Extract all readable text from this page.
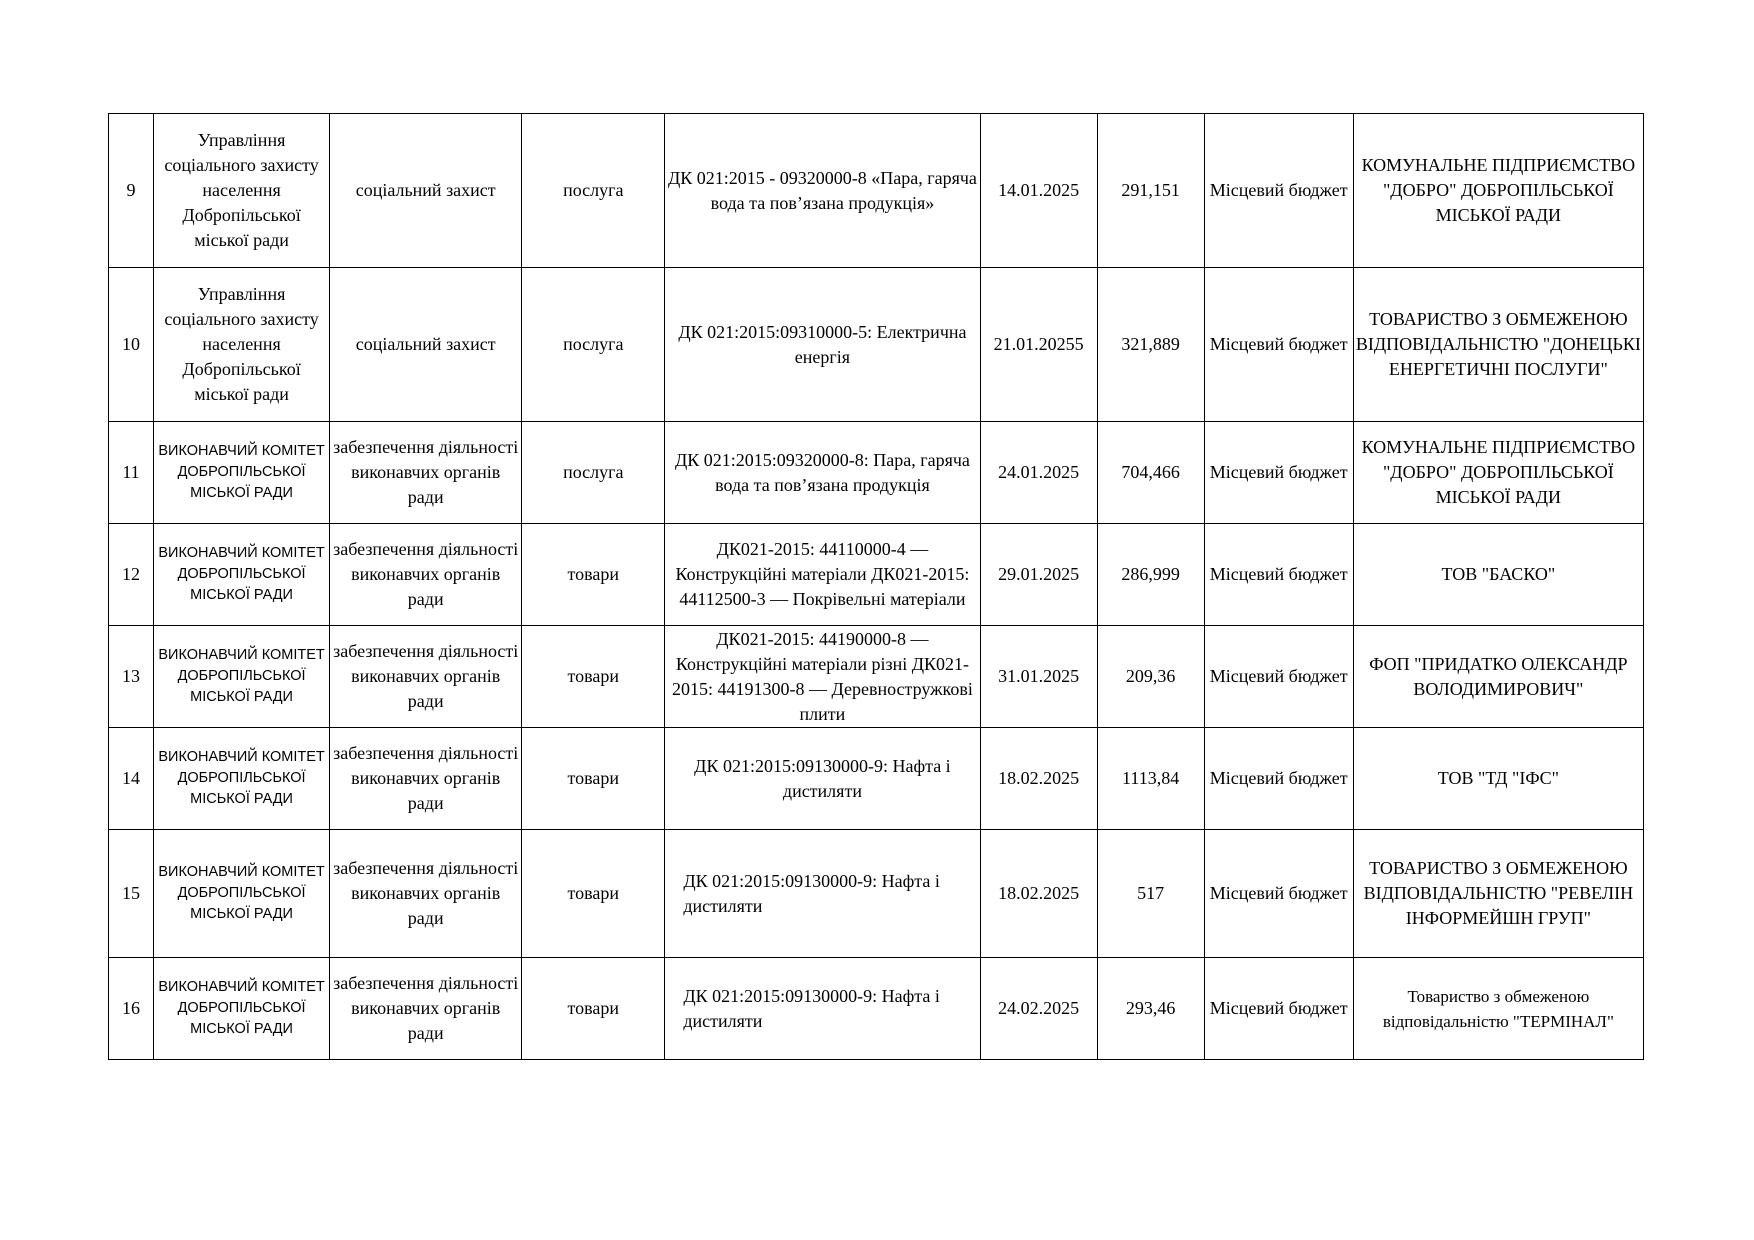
9	Управління соціального захисту населення Добропільської міської ради	соціальний захист	послуга	ДК 021:2015 - 09320000-8 «Пара, гаряча вода та пов’язана продукція»	14.01.2025	291,151	Місцевий бюджет	КОМУНАЛЬНЕ ПІДПРИЄМСТВО "ДОБРО" ДОБРОПІЛЬСЬКОЇ МІСЬКОЇ РАДИ
10	Управління соціального захисту населення Добропільської міської ради	соціальний захист	послуга	ДК 021:2015:09310000-5: Електрична енергія	21.01.20255	321,889	Місцевий бюджет	ТОВАРИСТВО З ОБМЕЖЕНОЮ ВІДПОВІДАЛЬНІСТЮ "ДОНЕЦЬКІ ЕНЕРГЕТИЧНІ ПОСЛУГИ"
11	ВИКОНАВЧИЙ КОМІТЕТ ДОБРОПІЛЬСЬКОЇ МІСЬКОЇ РАДИ	забезпечення діяльності виконавчих органів ради	послуга	ДК 021:2015:09320000-8: Пара, гаряча вода та пов’язана продукція	24.01.2025	704,466	Місцевий бюджет	КОМУНАЛЬНЕ ПІДПРИЄМСТВО "ДОБРО" ДОБРОПІЛЬСЬКОЇ МІСЬКОЇ РАДИ
12	ВИКОНАВЧИЙ КОМІТЕТ ДОБРОПІЛЬСЬКОЇ МІСЬКОЇ РАДИ	забезпечення діяльності виконавчих органів ради	товари	ДК021-2015: 44110000-4 — Конструкційні матеріали ДК021-2015: 44112500-3 — Покрівельні матеріали	29.01.2025	286,999	Місцевий бюджет	ТОВ "БАСКО"
13	ВИКОНАВЧИЙ КОМІТЕТ ДОБРОПІЛЬСЬКОЇ МІСЬКОЇ РАДИ	забезпечення діяльності виконавчих органів ради	товари	ДК021-2015: 44190000-8 — Конструкційні матеріали різні ДК021-2015: 44191300-8 — Деревностружкові плити	31.01.2025	209,36	Місцевий бюджет	ФОП "ПРИДАТКО ОЛЕКСАНДР ВОЛОДИМИРОВИЧ"
14	ВИКОНАВЧИЙ КОМІТЕТ ДОБРОПІЛЬСЬКОЇ МІСЬКОЇ РАДИ	забезпечення діяльності виконавчих органів ради	товари	ДК 021:2015:09130000-9: Нафта і дистиляти	18.02.2025	1113,84	Місцевий бюджет	ТОВ "ТД "ІФС"
15	ВИКОНАВЧИЙ КОМІТЕТ ДОБРОПІЛЬСЬКОЇ МІСЬКОЇ РАДИ	забезпечення діяльності виконавчих органів ради	товари	ДК 021:2015:09130000-9: Нафта і дистиляти	18.02.2025	517	Місцевий бюджет	ТОВАРИСТВО З ОБМЕЖЕНОЮ ВІДПОВІДАЛЬНІСТЮ "РЕВЕЛІН ІНФОРМЕЙШН ГРУП"
16	ВИКОНАВЧИЙ КОМІТЕТ ДОБРОПІЛЬСЬКОЇ МІСЬКОЇ РАДИ	забезпечення діяльності виконавчих органів ради	товари	ДК 021:2015:09130000-9: Нафта і дистиляти	24.02.2025	293,46	Місцевий бюджет	Товариство з обмеженою відповідальністю "ТЕРМІНАЛ"
